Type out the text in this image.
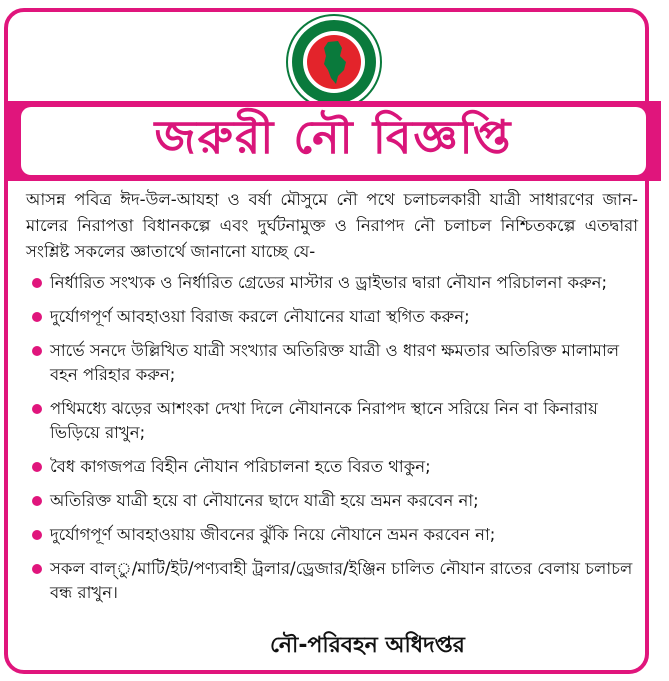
জরুরী নৌ বিজ্ঞপ্তি

আসন্ন পবিত্র ঈদ-উল-আযহা ও বর্ষা মৌসুমে নৌ পথে চলাচলকারী যাত্রী সাধারণের জান-মালের নিরাপত্তা বিধানকল্পে এবং দুর্ঘটনামুক্ত ও নিরাপদ নৌ চলাচল নিশ্চিতকল্পে এতদ্বারা সংশ্লিষ্ট সকলের জ্ঞাতার্থে জানানো যাচ্ছে যে-

নির্ধারিত সংখ্যক ও নির্ধারিত গ্রেডের মাস্টার ও ড্রাইভার দ্বারা নৌযান পরিচালনা করুন;
দুর্যোগপূর্ণ আবহাওয়া বিরাজ করলে নৌযানের যাত্রা স্থগিত করুন;
সার্ভে সনদে উল্লিখিত যাত্রী সংখ্যার অতিরিক্ত যাত্রী ও ধারণ ক্ষমতার অতিরিক্ত মালামাল বহন পরিহার করুন;
পথিমধ্যে ঝড়ের আশংকা দেখা দিলে নৌযানকে নিরাপদ স্থানে সরিয়ে নিন বা কিনারায় ভিড়িয়ে রাখুন;
বৈধ কাগজপত্র বিহীন নৌযান পরিচালনা হতে বিরত থাকুন;
অতিরিক্ত যাত্রী হয়ে বা নৌযানের ছাদে যাত্রী হয়ে ভ্রমন করবেন না;
দুর্যোগপূর্ণ আবহাওয়ায় জীবনের ঝুঁকি নিয়ে নৌযানে ভ্রমন করবেন না;
সকল বাল্ু/মাটি/ইট/পণ্যবাহী ট্রলার/ড্রেজার/ইঞ্জিন চালিত নৌযান রাতের বেলায় চলাচল বন্ধ রাখুন।
নৌ-পরিবহন অধিদপ্তর
